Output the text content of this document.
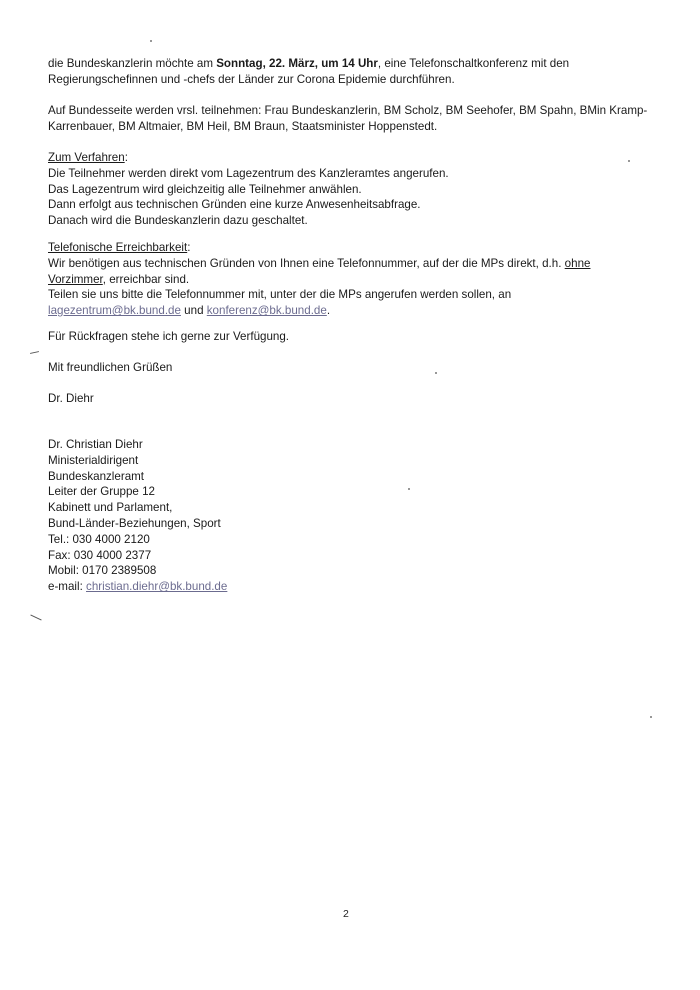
die Bundeskanzlerin möchte am Sonntag, 22. März, um 14 Uhr, eine Telefonschaltkonferenz mit den
Regierungschefinnen und -chefs der Länder zur Corona Epidemie durchführen.
Auf Bundesseite werden vrsl. teilnehmen: Frau Bundeskanzlerin, BM Scholz, BM Seehofer, BM Spahn, BMin Kramp-
Karrenbauer, BM Altmaier, BM Heil, BM Braun, Staatsminister Hoppenstedt.
Zum Verfahren:
Die Teilnehmer werden direkt vom Lagezentrum des Kanzleramtes angerufen.
Das Lagezentrum wird gleichzeitig alle Teilnehmer anwählen.
Dann erfolgt aus technischen Gründen eine kurze Anwesenheitsabfrage.
Danach wird die Bundeskanzlerin dazu geschaltet.
Telefonische Erreichbarkeit:
Wir benötigen aus technischen Gründen von Ihnen eine Telefonnummer, auf der die MPs direkt, d.h. ohne
Vorzimmer, erreichbar sind.
Teilen sie uns bitte die Telefonnummer mit, unter der die MPs angerufen werden sollen, an
lagezentrum@bk.bund.de und konferenz@bk.bund.de.
Für Rückfragen stehe ich gerne zur Verfügung.
Mit freundlichen Grüßen
Dr. Diehr
Dr. Christian Diehr
Ministerialdirigent
Bundeskanzleramt
Leiter der Gruppe 12
Kabinett und Parlament,
Bund-Länder-Beziehungen, Sport
Tel.: 030 4000 2120
Fax: 030 4000 2377
Mobil: 0170 2389508
e-mail: christian.diehr@bk.bund.de
2
